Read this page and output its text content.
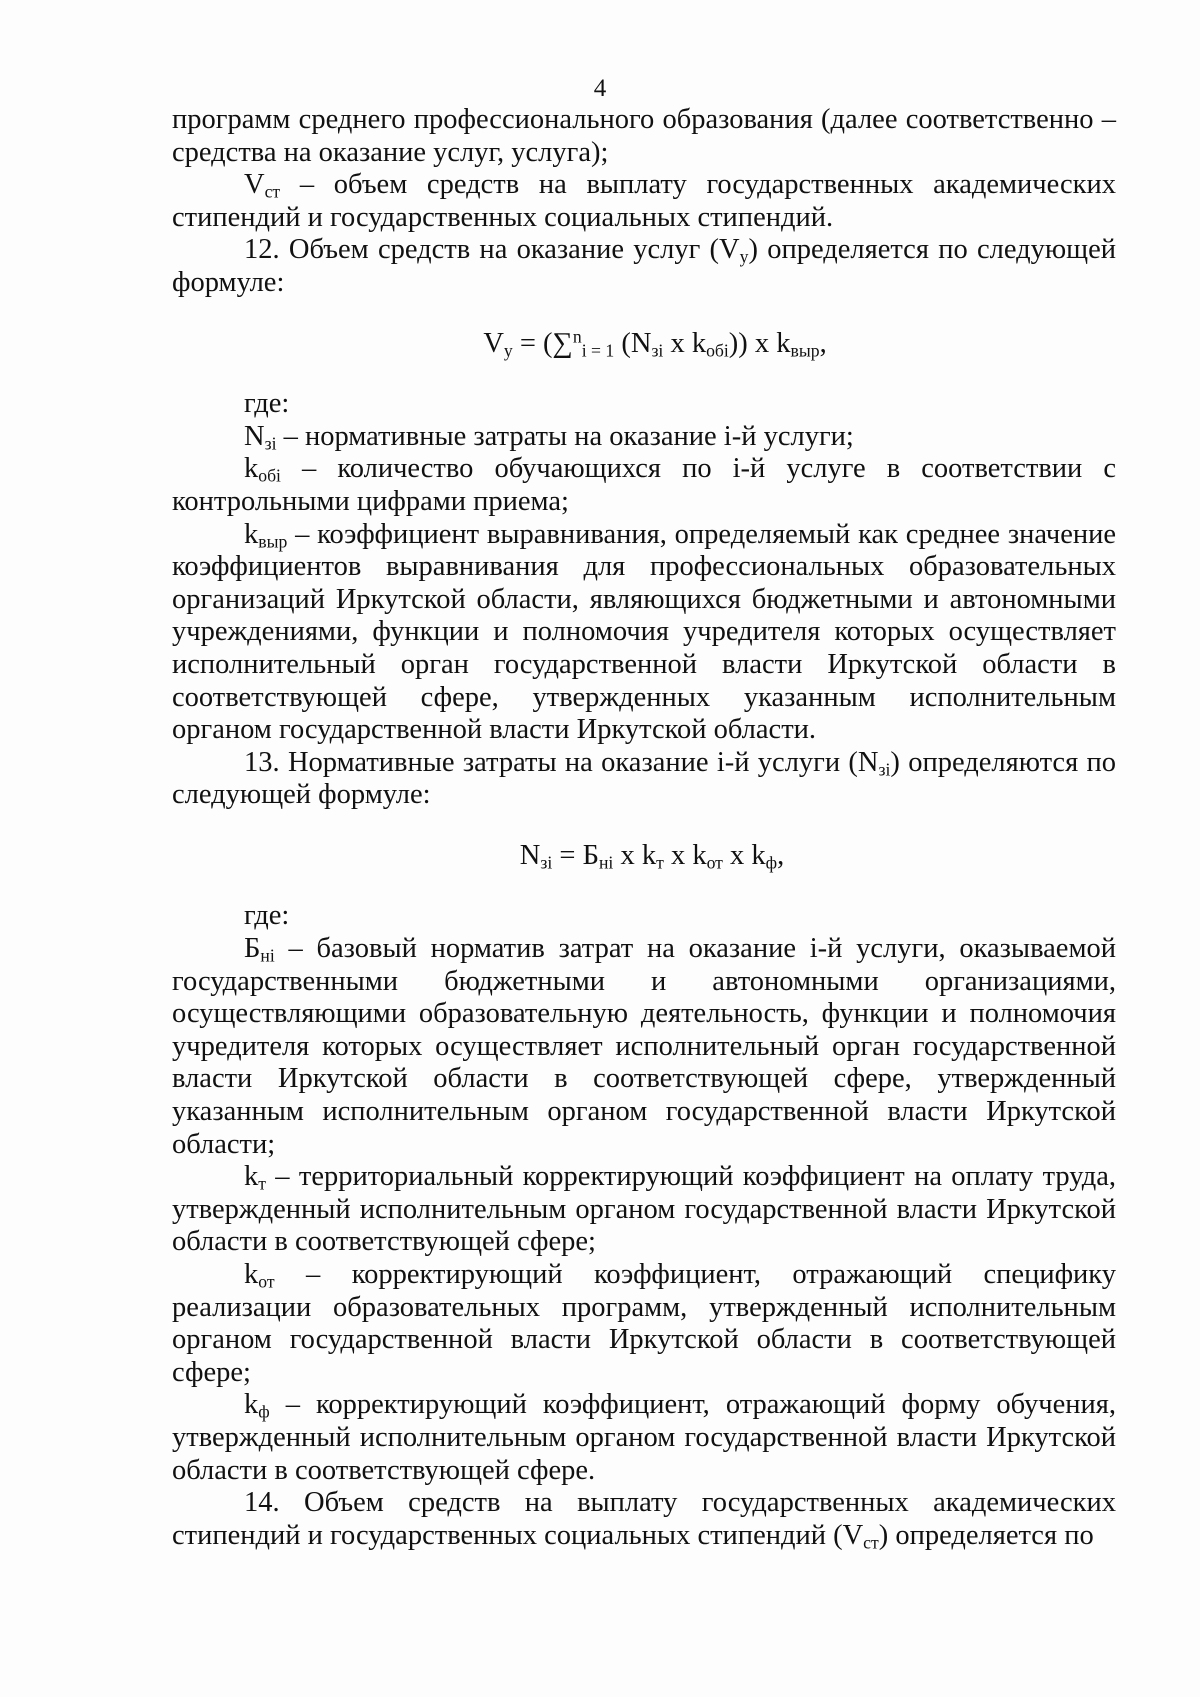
4

программ среднего профессионального образования (далее соответственно – средства на оказание услуг, услуга);

$V_{ст}$ – объем средств на выплату государственных академических стипендий и государственных социальных стипендий.

12. Объем средств на оказание услуг $(V_у)$ определяется по следующей формуле:

$V_у = (\sum^n_{i = 1}$ ($N_{зi}$ x $k_{обi}$)) x $k_{выр}$,

где:

$N_{зi}$ – нормативные затраты на оказание i-й услуги;

$k_{обi}$ – количество обучающихся по i-й услуге в соответствии с контрольными цифрами приема;

$k_{выр}$ – коэффициент выравнивания, определяемый как среднее значение коэффициентов выравнивания для профессиональных образовательных организаций Иркутской области, являющихся бюджетными и автономными учреждениями, функции и полномочия учредителя которых осуществляет исполнительный орган государственной власти Иркутской области в соответствующей сфере, утвержденных указанным исполнительным органом государственной власти Иркутской области.

13. Нормативные затраты на оказание i-й услуги $(N_{зi})$ определяются по следующей формуле:

$N_{зi} = Б_{нi}$ x $k_т$ x $k_{от}$ x $k_ф$,

где:

$Б_{нi}$ – базовый норматив затрат на оказание i-й услуги, оказываемой государственными бюджетными и автономными организациями, осуществляющими образовательную деятельность, функции и полномочия учредителя которых осуществляет исполнительный орган государственной власти Иркутской области в соответствующей сфере, утвержденный указанным исполнительным органом государственной власти Иркутской области;

$k_т$ – территориальный корректирующий коэффициент на оплату труда, утвержденный исполнительным органом государственной власти Иркутской области в соответствующей сфере;

$k_{от}$ – корректирующий коэффициент, отражающий специфику реализации образовательных программ, утвержденный исполнительным органом государственной власти Иркутской области в соответствующей сфере;

$k_ф$ – корректирующий коэффициент, отражающий форму обучения, утвержденный исполнительным органом государственной власти Иркутской области в соответствующей сфере.

14. Объем средств на выплату государственных академических стипендий и государственных социальных стипендий $(V_{ст})$ определяется по
